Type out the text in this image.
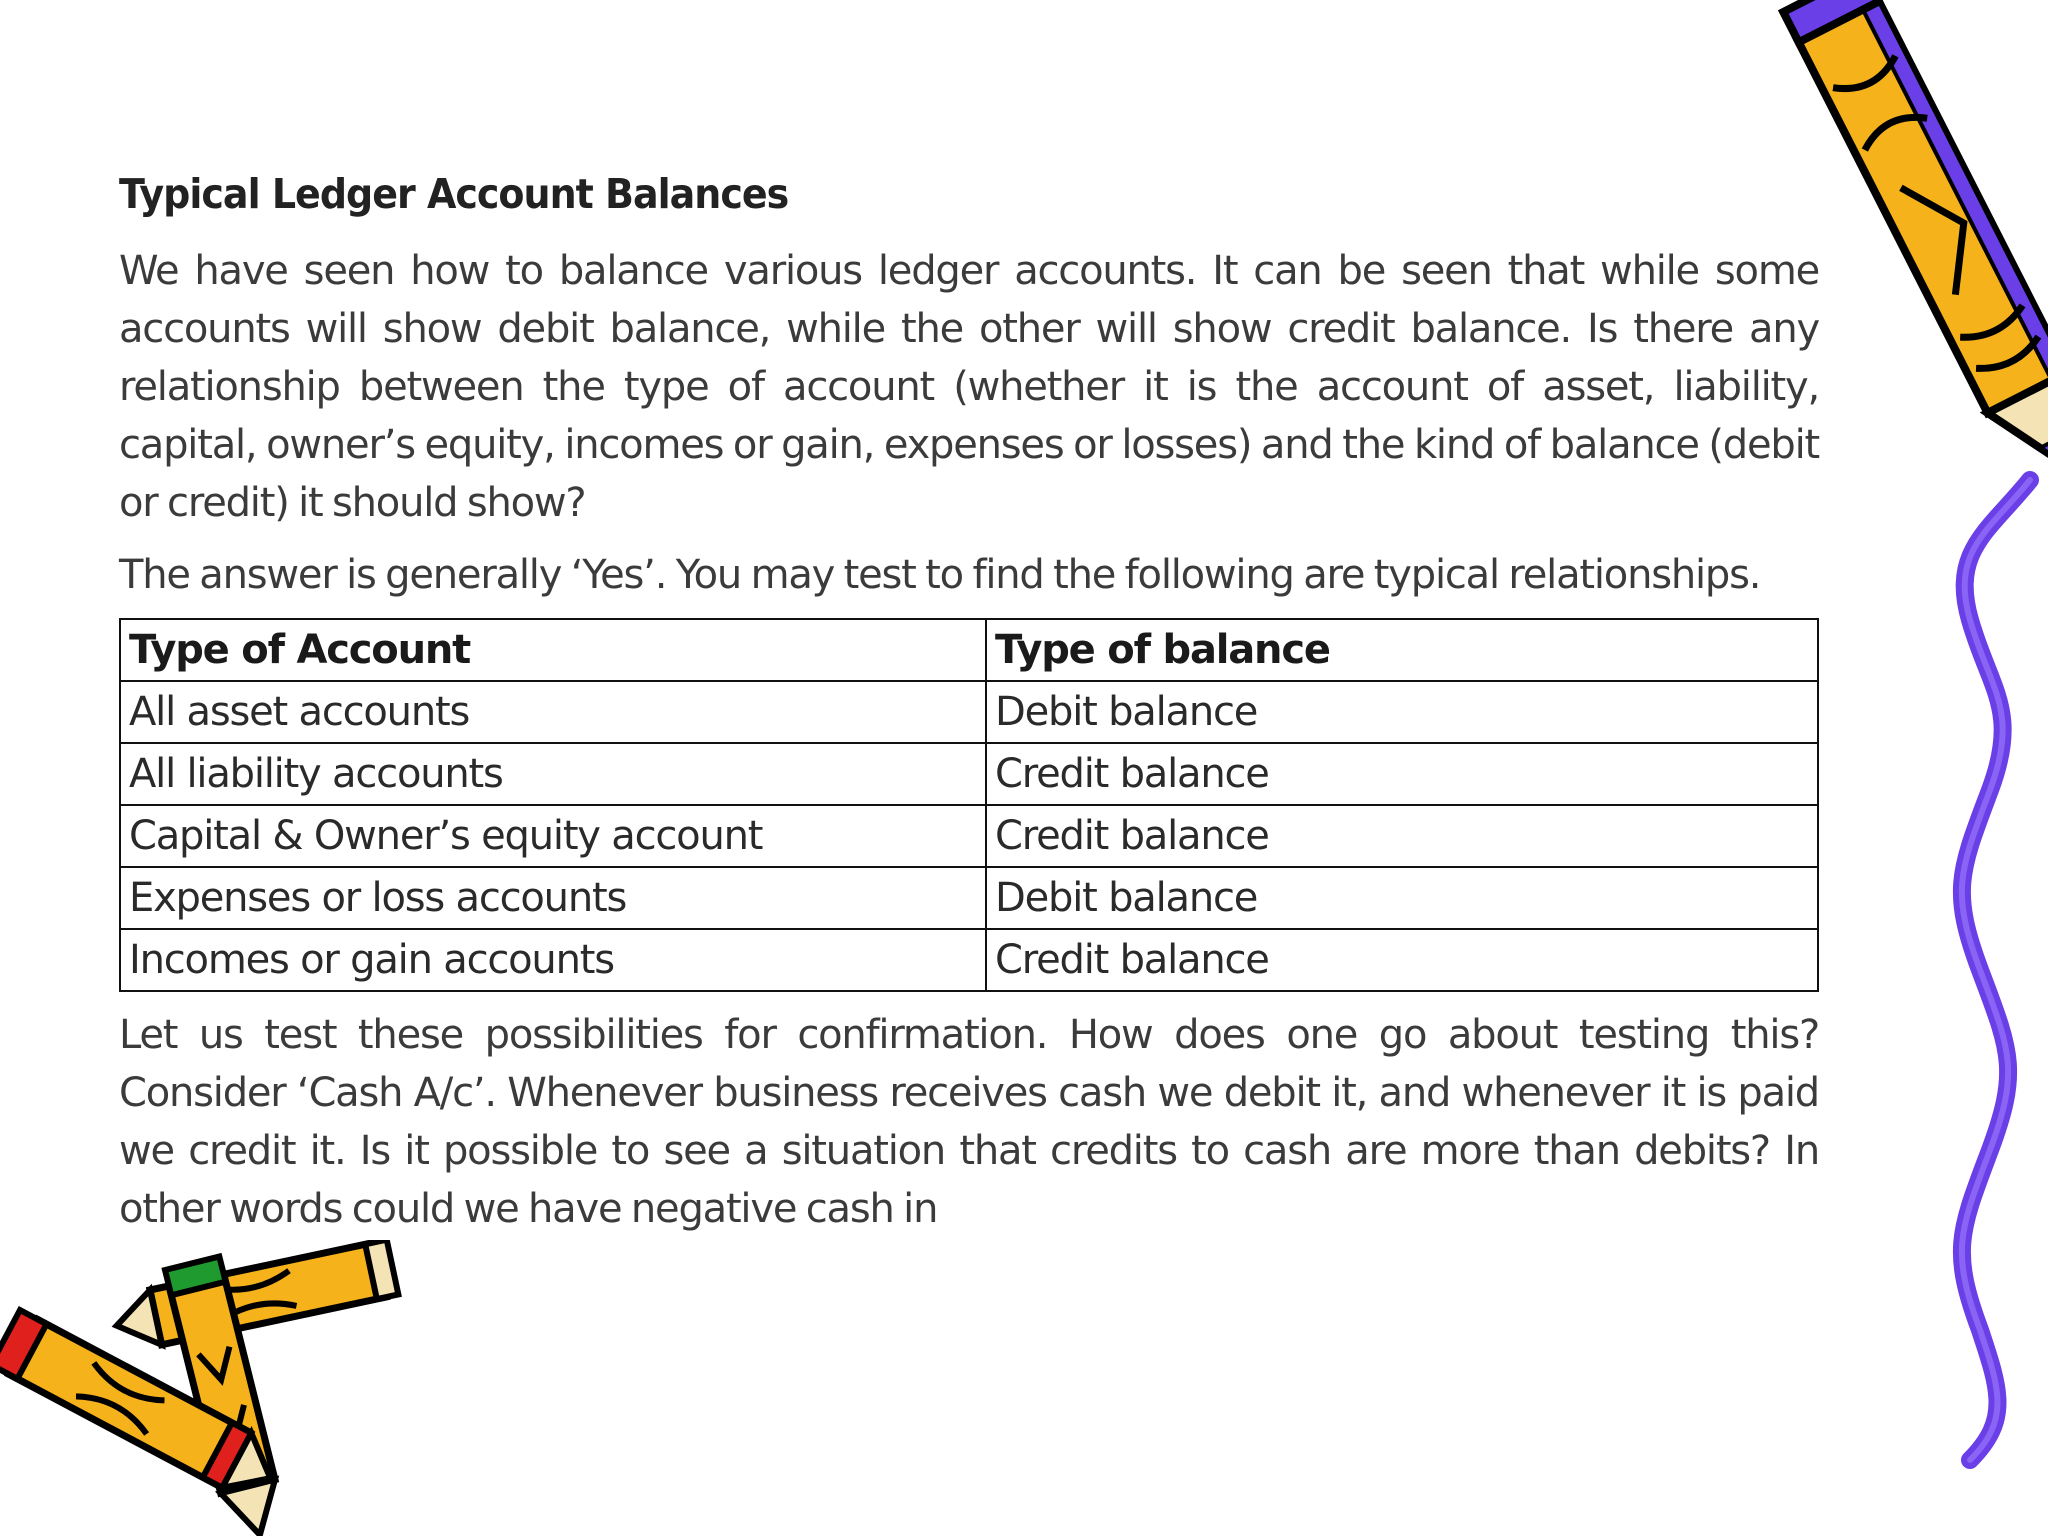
Typical Ledger Account Balances

We have seen how to balance various ledger accounts. It can be seen that while some accounts will show debit balance, while the other will show credit balance. Is there any relationship between the type of account (whether it is the account of asset, liability, capital, owner’s equity, incomes or gain, expenses or losses) and the kind of balance (debit or credit) it should show?

The answer is generally ‘Yes’. You may test to find the following are typical relationships.

Type of Account	Type of balance
All asset accounts	Debit balance
All liability accounts	Credit balance
Capital & Owner’s equity account	Credit balance
Expenses or loss accounts	Debit balance
Incomes or gain accounts	Credit balance

Let us test these possibilities for confirmation. How does one go about testing this? Consider ‘Cash A/c’. Whenever business receives cash we debit it, and whenever it is paid we credit it. Is it possible to see a situation that credits to cash are more than debits? In other words could we have negative cash in
